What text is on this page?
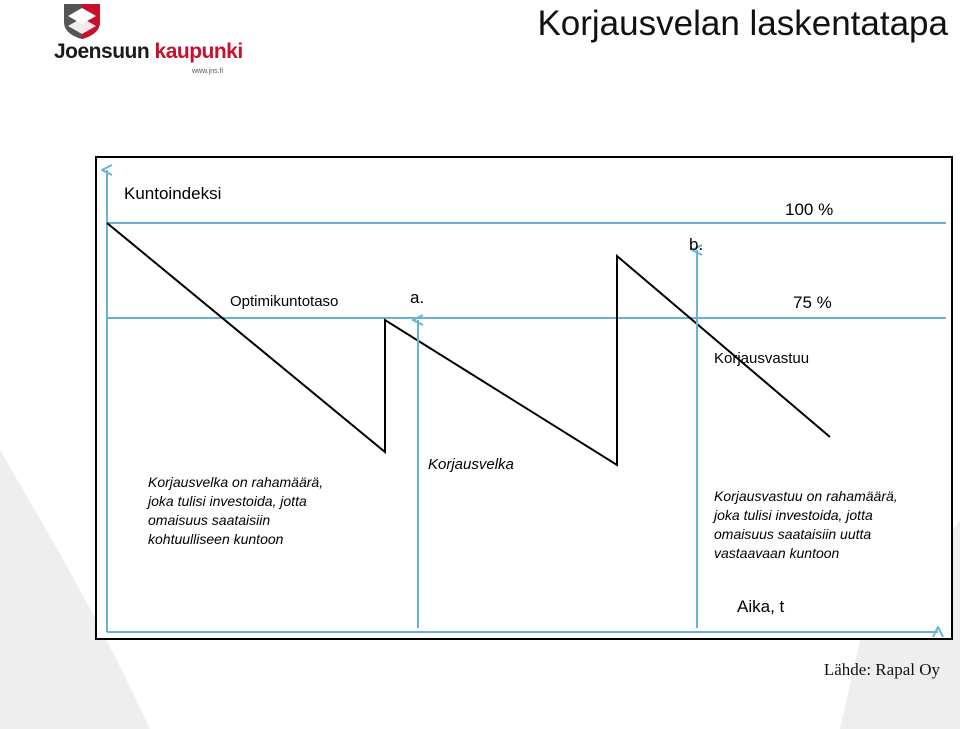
Joensuun kaupunki
www.jns.fi
Korjausvelan laskentatapa
Kuntoindeksi
100 %
b.
Optimikuntotaso	a.	75 %
Korjausvastuu
Korjausvelka
Korjausvelka on rahamäärä,
joka tulisi investoida, jotta
omaisuus saataisiin
kohtuulliseen kuntoon
Korjausvastuu on rahamäärä,
joka tulisi investoida, jotta
omaisuus saataisiin uutta
vastaavaan kuntoon
Aika, t
Lähde: Rapal Oy
